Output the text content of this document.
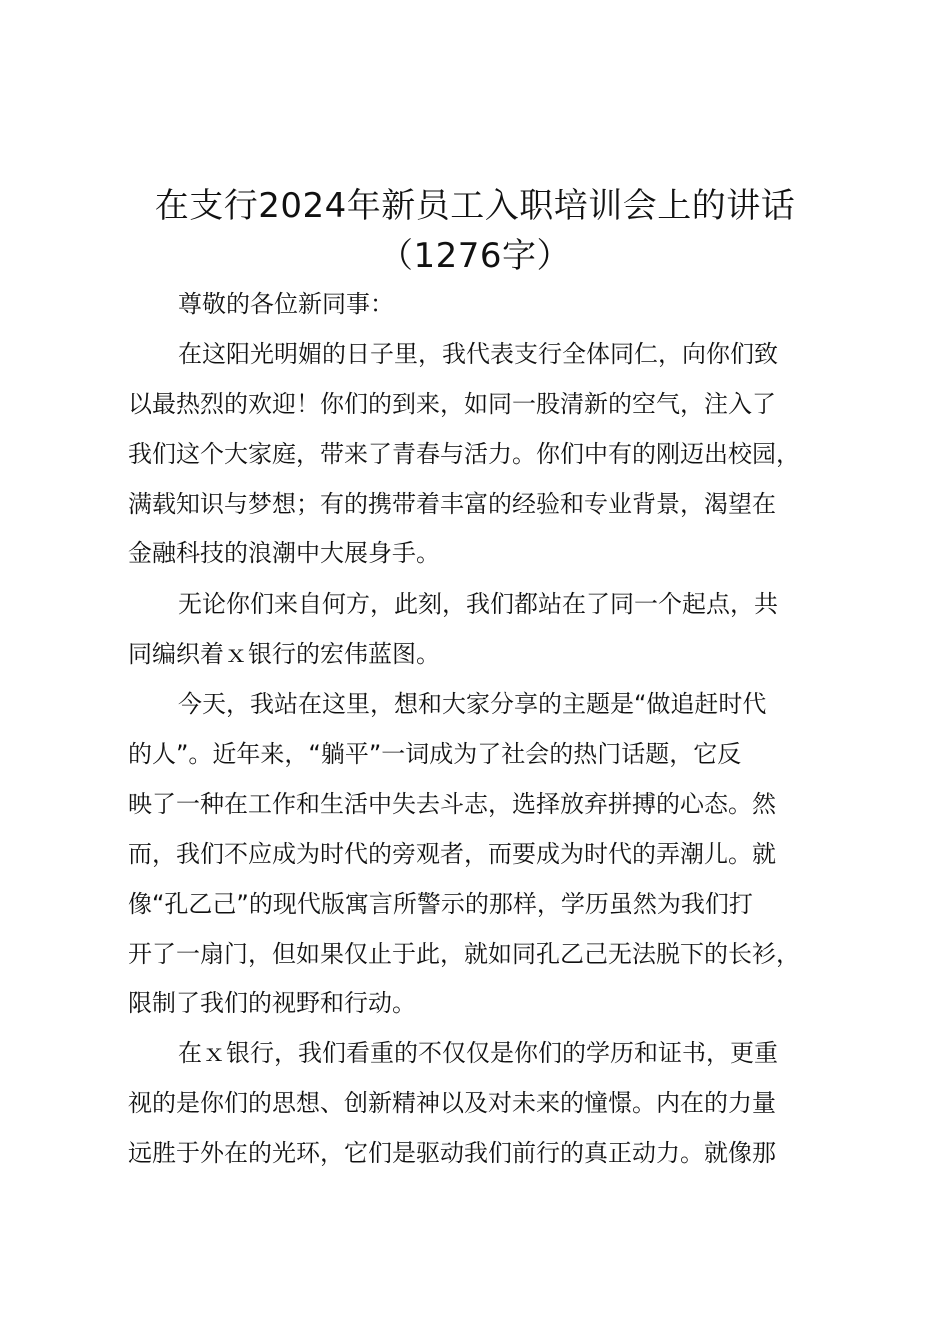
在支行2024年新员工入职培训会上的讲话
（1276字）
尊敬的各位新同事：
在这阳光明媚的日子里，我代表支行全体同仁，向你们致
以最热烈的欢迎！你们的到来，如同一股清新的空气，注入了
我们这个大家庭，带来了青春与活力。你们中有的刚迈出校园，
满载知识与梦想；有的携带着丰富的经验和专业背景，渴望在
金融科技的浪潮中大展身手。
无论你们来自何方，此刻，我们都站在了同一个起点，共
同编织着ｘ银行的宏伟蓝图。
今天，我站在这里，想和大家分享的主题是“做追赶时代
的人”。近年来，“躺平”一词成为了社会的热门话题，它反
映了一种在工作和生活中失去斗志，选择放弃拼搏的心态。然
而，我们不应成为时代的旁观者，而要成为时代的弄潮儿。就
像“孔乙己”的现代版寓言所警示的那样，学历虽然为我们打
开了一扇门，但如果仅止于此，就如同孔乙己无法脱下的长衫，
限制了我们的视野和行动。
在ｘ银行，我们看重的不仅仅是你们的学历和证书，更重
视的是你们的思想、创新精神以及对未来的憧憬。内在的力量
远胜于外在的光环，它们是驱动我们前行的真正动力。就像那
